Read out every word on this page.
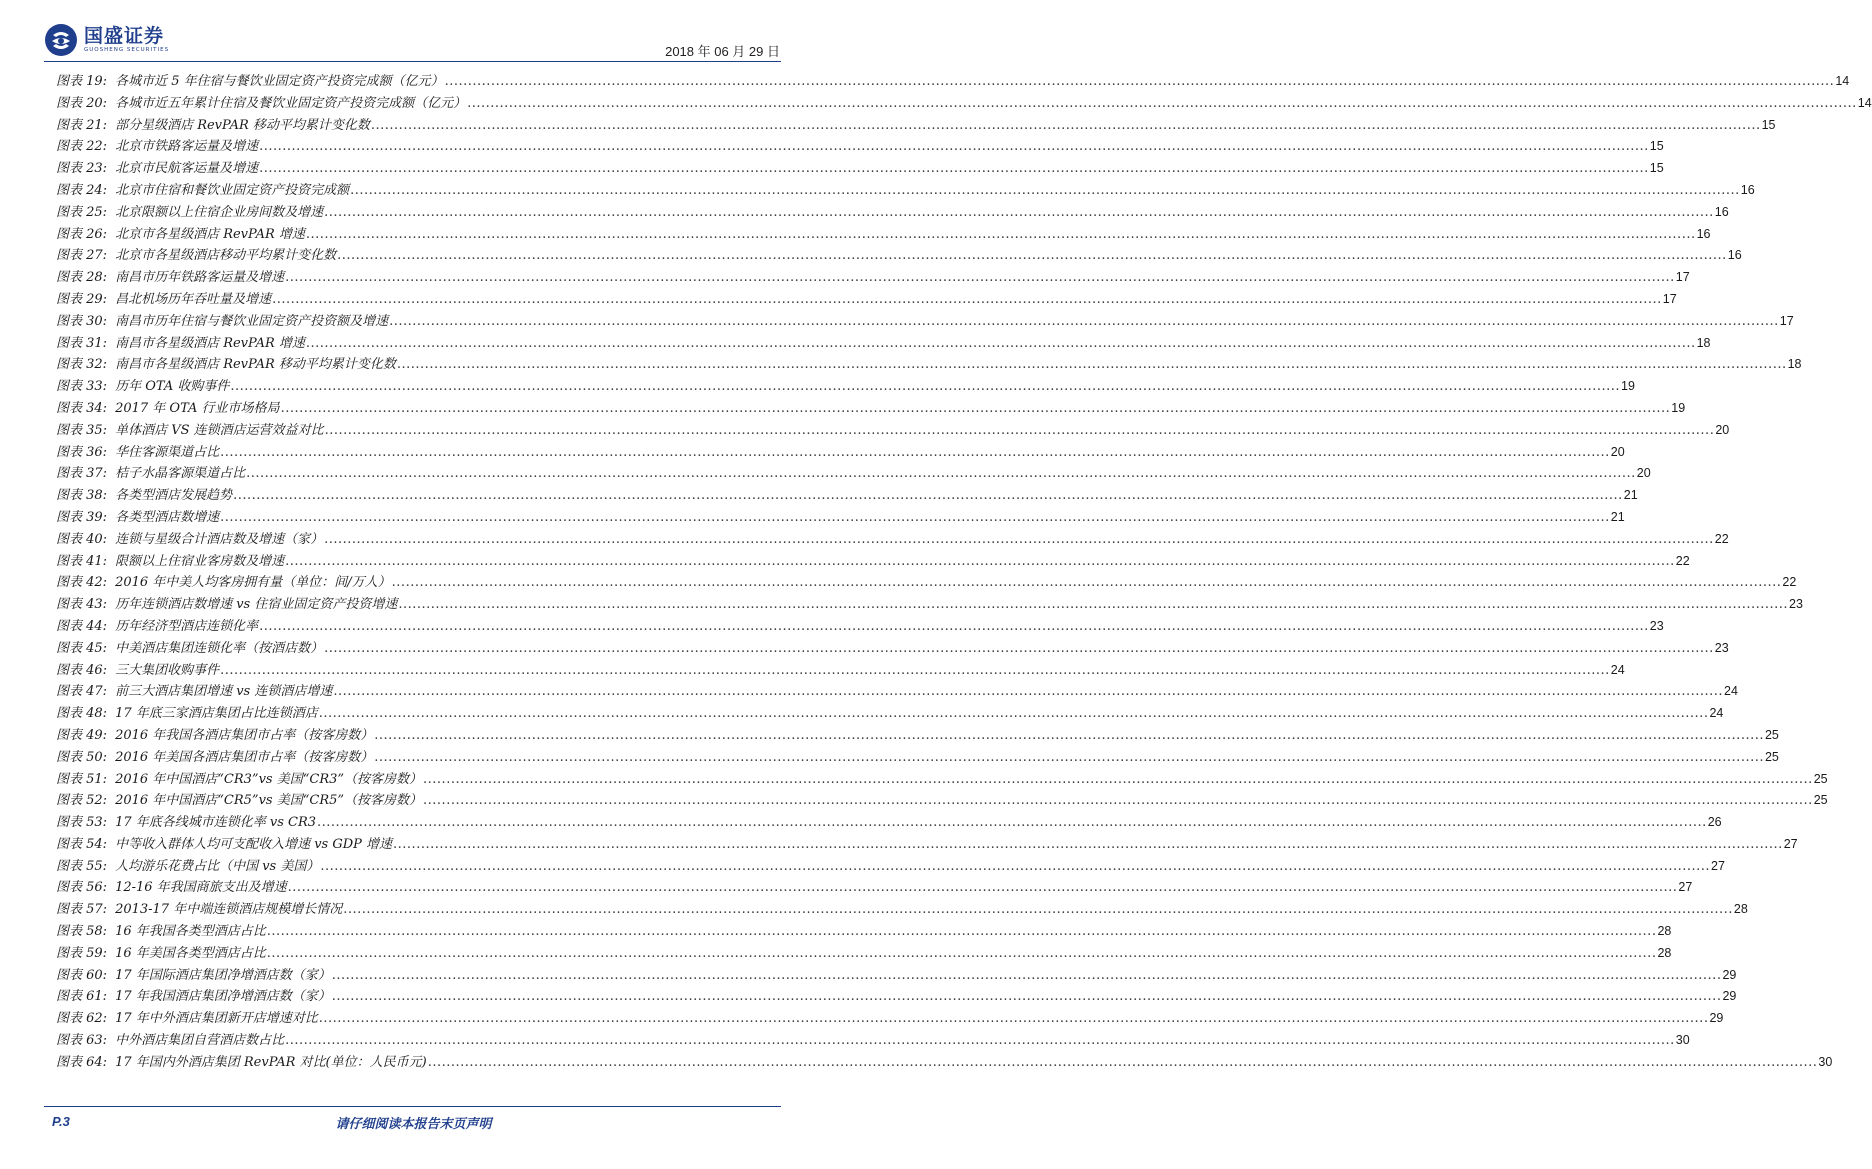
国盛证券
GUOSHENG SECURITIES	2018 年 06 月 29 日
图表 19: 各城市近 5 年住宿与餐饮业固定资产投资完成额（亿元） ............................................................................................................................................................................................................................................................................................................ 14
图表 20: 各城市近五年累计住宿及餐饮业固定资产投资完成额（亿元） ............................................................................................................................................................................................................................................................................................................ 14
图表 21: 部分星级酒店 RevPAR 移动平均累计变化数 ............................................................................................................................................................................................................................................................................................................ 15
图表 22: 北京市铁路客运量及增速 ............................................................................................................................................................................................................................................................................................................ 15
图表 23: 北京市民航客运量及增速 ............................................................................................................................................................................................................................................................................................................ 15
图表 24: 北京市住宿和餐饮业固定资产投资完成额 ............................................................................................................................................................................................................................................................................................................ 16
图表 25: 北京限额以上住宿企业房间数及增速 ............................................................................................................................................................................................................................................................................................................ 16
图表 26: 北京市各星级酒店 RevPAR 增速 ............................................................................................................................................................................................................................................................................................................ 16
图表 27: 北京市各星级酒店移动平均累计变化数 ............................................................................................................................................................................................................................................................................................................ 16
图表 28: 南昌市历年铁路客运量及增速 ............................................................................................................................................................................................................................................................................................................ 17
图表 29: 昌北机场历年吞吐量及增速 ............................................................................................................................................................................................................................................................................................................ 17
图表 30: 南昌市历年住宿与餐饮业固定资产投资额及增速 ............................................................................................................................................................................................................................................................................................................ 17
图表 31: 南昌市各星级酒店 RevPAR 增速 ............................................................................................................................................................................................................................................................................................................ 18
图表 32: 南昌市各星级酒店 RevPAR 移动平均累计变化数 ............................................................................................................................................................................................................................................................................................................ 18
图表 33: 历年 OTA 收购事件 ............................................................................................................................................................................................................................................................................................................ 19
图表 34: 2017 年 OTA 行业市场格局 ............................................................................................................................................................................................................................................................................................................ 19
图表 35: 单体酒店 VS 连锁酒店运营效益对比 ............................................................................................................................................................................................................................................................................................................ 20
图表 36: 华住客源渠道占比 ............................................................................................................................................................................................................................................................................................................ 20
图表 37: 桔子水晶客源渠道占比 ............................................................................................................................................................................................................................................................................................................ 20
图表 38: 各类型酒店发展趋势 ............................................................................................................................................................................................................................................................................................................ 21
图表 39: 各类型酒店数增速 ............................................................................................................................................................................................................................................................................................................ 21
图表 40: 连锁与星级合计酒店数及增速（家） ............................................................................................................................................................................................................................................................................................................ 22
图表 41: 限额以上住宿业客房数及增速 ............................................................................................................................................................................................................................................................................................................ 22
图表 42: 2016 年中美人均客房拥有量（单位：间/万人） ............................................................................................................................................................................................................................................................................................................ 22
图表 43: 历年连锁酒店数增速 vs 住宿业固定资产投资增速 ............................................................................................................................................................................................................................................................................................................ 23
图表 44: 历年经济型酒店连锁化率 ............................................................................................................................................................................................................................................................................................................ 23
图表 45: 中美酒店集团连锁化率（按酒店数） ............................................................................................................................................................................................................................................................................................................ 23
图表 46: 三大集团收购事件 ............................................................................................................................................................................................................................................................................................................ 24
图表 47: 前三大酒店集团增速 vs 连锁酒店增速 ............................................................................................................................................................................................................................................................................................................ 24
图表 48: 17 年底三家酒店集团占比连锁酒店 ............................................................................................................................................................................................................................................................................................................ 24
图表 49: 2016 年我国各酒店集团市占率（按客房数） ............................................................................................................................................................................................................................................................................................................ 25
图表 50: 2016 年美国各酒店集团市占率（按客房数） ............................................................................................................................................................................................................................................................................................................ 25
图表 51: 2016 年中国酒店“CR3”vs 美国“CR3”（按客房数） ............................................................................................................................................................................................................................................................................................................ 25
图表 52: 2016 年中国酒店“CR5”vs 美国“CR5”（按客房数） ............................................................................................................................................................................................................................................................................................................ 25
图表 53: 17 年底各线城市连锁化率 vs CR3 ............................................................................................................................................................................................................................................................................................................ 26
图表 54: 中等收入群体人均可支配收入增速 vs GDP 增速 ............................................................................................................................................................................................................................................................................................................ 27
图表 55: 人均游乐花费占比（中国 vs 美国） ............................................................................................................................................................................................................................................................................................................ 27
图表 56: 12-16 年我国商旅支出及增速 ............................................................................................................................................................................................................................................................................................................ 27
图表 57: 2013-17 年中端连锁酒店规模增长情况 ............................................................................................................................................................................................................................................................................................................ 28
图表 58: 16 年我国各类型酒店占比 ............................................................................................................................................................................................................................................................................................................ 28
图表 59: 16 年美国各类型酒店占比 ............................................................................................................................................................................................................................................................................................................ 28
图表 60: 17 年国际酒店集团净增酒店数（家） ............................................................................................................................................................................................................................................................................................................ 29
图表 61: 17 年我国酒店集团净增酒店数（家） ............................................................................................................................................................................................................................................................................................................ 29
图表 62: 17 年中外酒店集团新开店增速对比 ............................................................................................................................................................................................................................................................................................................ 29
图表 63: 中外酒店集团自营酒店数占比 ............................................................................................................................................................................................................................................................................................................ 30
图表 64: 17 年国内外酒店集团 RevPAR 对比(单位：人民币元) ............................................................................................................................................................................................................................................................................................................ 30
P.3	请仔细阅读本报告末页声明
